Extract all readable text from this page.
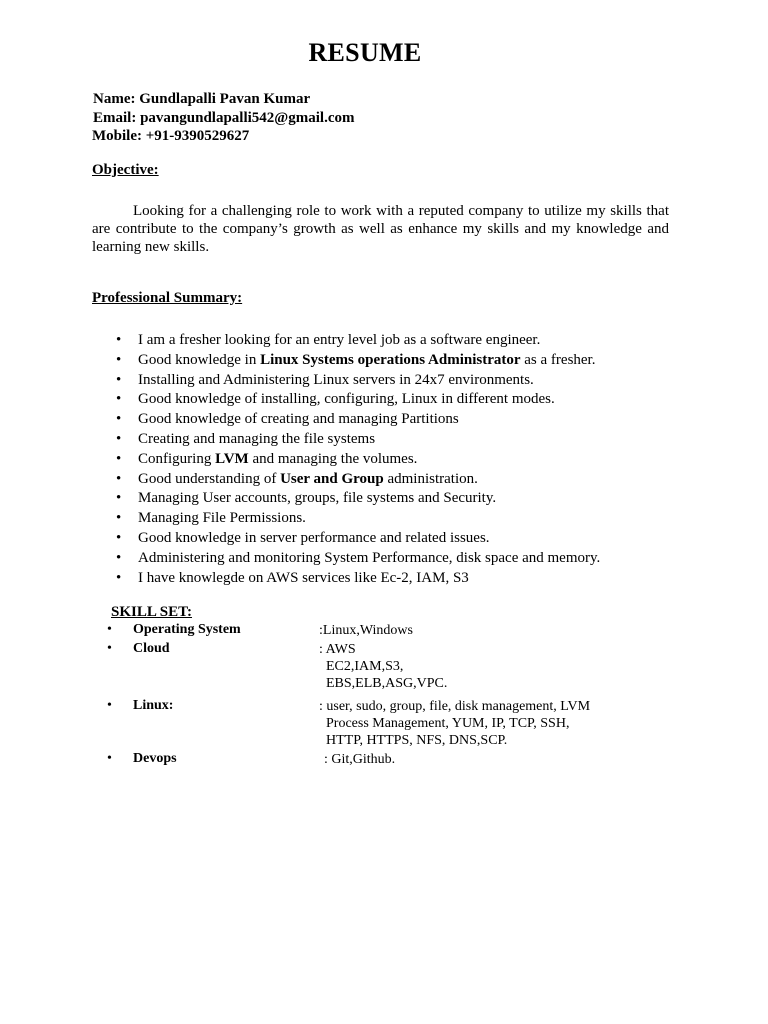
RESUME
Name: Gundlapalli Pavan Kumar
Email: pavangundlapalli542@gmail.com
Mobile: +91-9390529627
Objective:
Looking for a challenging role to work with a reputed company to utilize my skills that are contribute to the company’s growth as well as enhance my skills and my knowledge and learning new skills.
Professional Summary:
• I am a fresher looking for an entry level job as a software engineer.
• Good knowledge in Linux Systems operations Administrator as a fresher.
• Installing and Administering Linux servers in 24x7 environments.
• Good knowledge of installing, configuring, Linux in different modes.
• Good knowledge of creating and managing Partitions
• Creating and managing the file systems
• Configuring LVM and managing the volumes.
• Good understanding of User and Group administration.
• Managing User accounts, groups, file systems and Security.
• Managing File Permissions.
• Good knowledge in server performance and related issues.
• Administering and monitoring System Performance, disk space and memory.
• I have knowlegde on AWS services like Ec-2, IAM, S3
SKILL SET:
• Operating System	:Linux,Windows
• Cloud	: AWS
EC2,IAM,S3,
EBS,ELB,ASG,VPC.
• Linux:	: user, sudo, group, file, disk management, LVM
Process Management, YUM, IP, TCP, SSH,
HTTP, HTTPS, NFS, DNS,SCP.
• Devops	: Git,Github.
